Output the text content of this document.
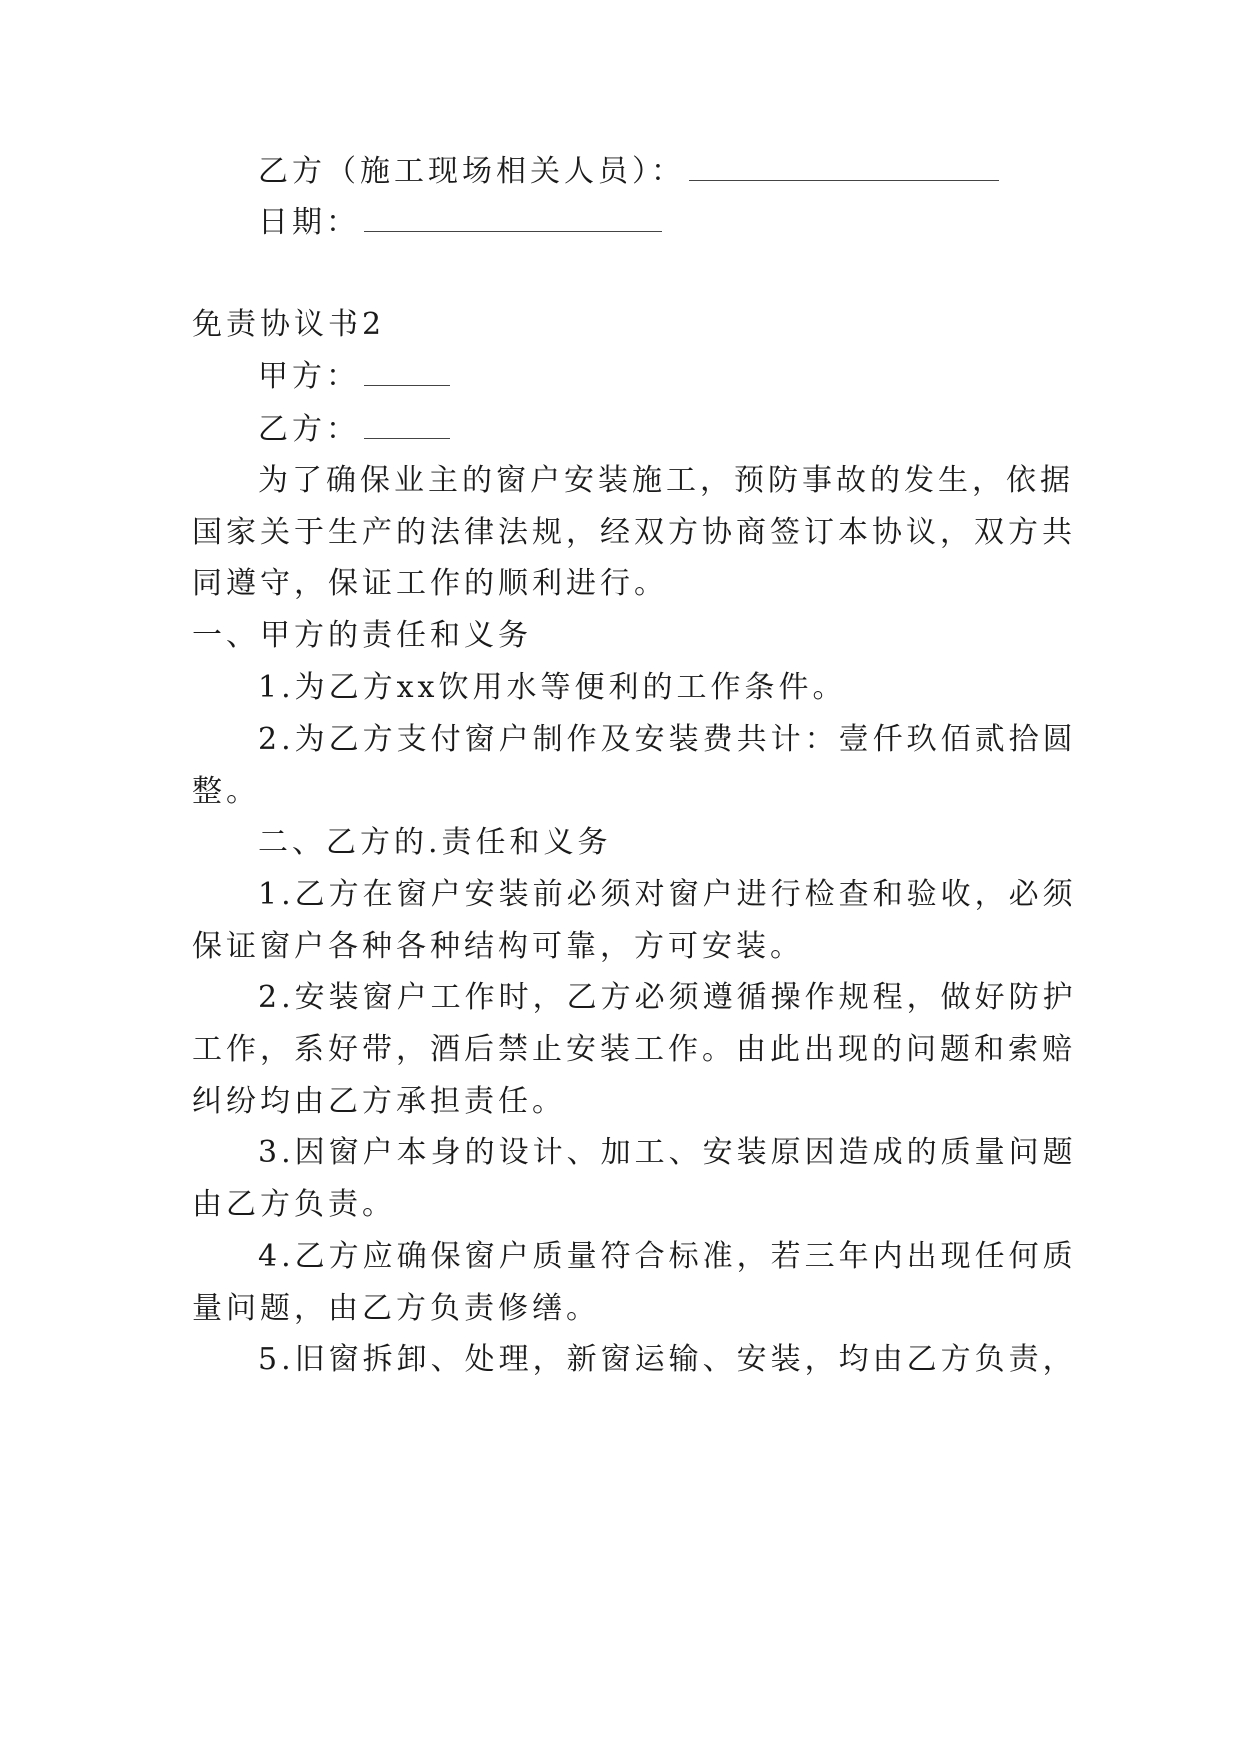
乙方（施工现场相关人员）：
日期：
免责协议书2
甲方：
乙方：
为了确保业主的窗户安装施工，预防事故的发生，依据
国家关于生产的法律法规，经双方协商签订本协议，双方共
同遵守，保证工作的顺利进行。
一、甲方的责任和义务
1.为乙方xx饮用水等便利的工作条件。
2.为乙方支付窗户制作及安装费共计：壹仟玖佰贰拾圆
整。
二、乙方的.责任和义务
1.乙方在窗户安装前必须对窗户进行检查和验收，必须
保证窗户各种各种结构可靠，方可安装。
2.安装窗户工作时，乙方必须遵循操作规程，做好防护
工作，系好带，酒后禁止安装工作。由此出现的问题和索赔
纠纷均由乙方承担责任。
3.因窗户本身的设计、加工、安装原因造成的质量问题
由乙方负责。
4.乙方应确保窗户质量符合标准，若三年内出现任何质
量问题，由乙方负责修缮。
5.旧窗拆卸、处理，新窗运输、安装，均由乙方负责，
